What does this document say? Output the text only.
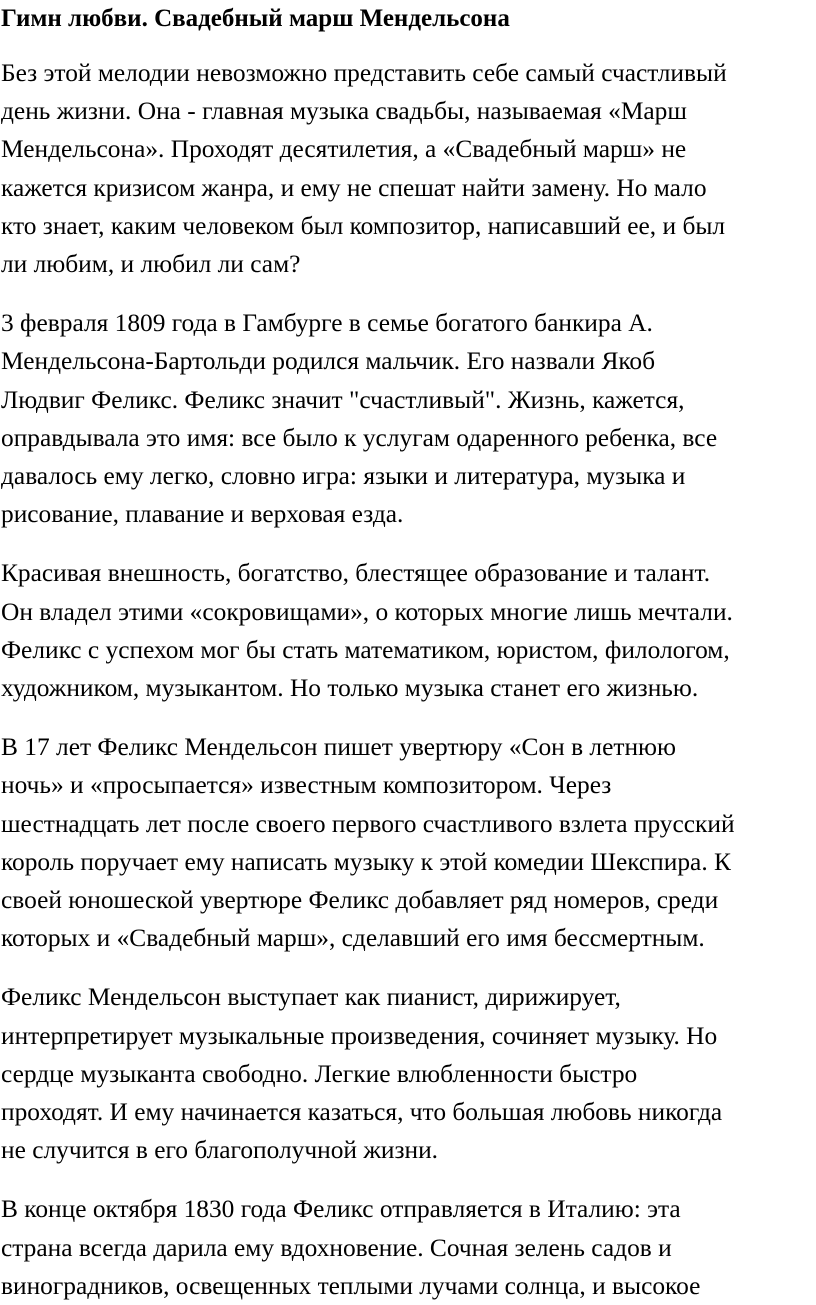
Гимн любви. Свадебный марш Мендельсона

Без этой мелодии невозможно представить себе самый счастливый
день жизни. Она - главная музыка свадьбы, называемая «Марш
Мендельсона». Проходят десятилетия, а «Свадебный марш» не
кажется кризисом жанра, и ему не спешат найти замену. Но мало
кто знает, каким человеком был композитор, написавший ее, и был
ли любим, и любил ли сам?

3 февраля 1809 года в Гамбурге в семье богатого банкира А.
Мендельсона-Бартольди родился мальчик. Его назвали Якоб
Людвиг Феликс. Феликс значит "счастливый". Жизнь, кажется,
оправдывала это имя: все было к услугам одаренного ребенка, все
давалось ему легко, словно игра: языки и литература, музыка и
рисование, плавание и верховая езда.

Красивая внешность, богатство, блестящее образование и талант.
Он владел этими «сокровищами», о которых многие лишь мечтали.
Феликс с успехом мог бы стать математиком, юристом, филологом,
художником, музыкантом. Но только музыка станет его жизнью.

В 17 лет Феликс Мендельсон пишет увертюру «Сон в летнюю
ночь» и «просыпается» известным композитором. Через
шестнадцать лет после своего первого счастливого взлета прусский
король поручает ему написать музыку к этой комедии Шекспира. К
своей юношеской увертюре Феликс добавляет ряд номеров, среди
которых и «Свадебный марш», сделавший его имя бессмертным.

Феликс Мендельсон выступает как пианист, дирижирует,
интерпретирует музыкальные произведения, сочиняет музыку. Но
сердце музыканта свободно. Легкие влюбленности быстро
проходят. И ему начинается казаться, что большая любовь никогда
не случится в его благополучной жизни.

В конце октября 1830 года Феликс отправляется в Италию: эта
страна всегда дарила ему вдохновение. Сочная зелень садов и
виноградников, освещенных теплыми лучами солнца, и высокое
